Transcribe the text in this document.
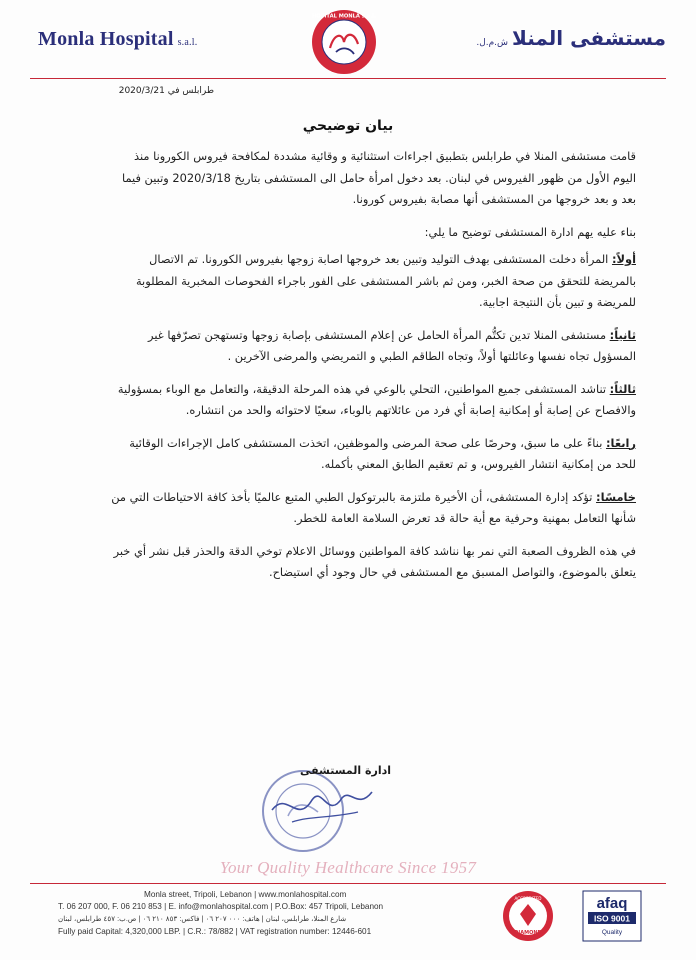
Monla Hospital s.a.l.
HOPITAL MONLA s.a.l.
مستشفى المنلاش.م.ل.
طرابلس في 2020/3/21
بيان توضيحي

قامت مستشفى المنلا في طرابلس بتطبيق اجراءات استثنائية و وقائية مشددة لمكافحة فيروس الكورونا منذ اليوم الأول من ظهور الفيروس في لبنان. بعد دخول امرأة حامل الى المستشفى بتاريخ 2020/3/18 وتبين فيما بعد و بعد خروجها من المستشفى أنها مصابة بفيروس كورونا.

بناء عليه يهم ادارة المستشفى توضيح ما يلي:

أولاً: المرأة دخلت المستشفى بهدف التوليد وتبين بعد خروجها اصابة زوجها بفيروس الكورونا. تم الاتصال بالمريضة للتحقق من صحة الخبر، ومن ثم باشر المستشفى على الفور باجراء الفحوصات المخبرية المطلوبة للمريضة و تبين بأن النتيجة اجابية.

ثانياً: مستشفى المنلا تدين تكتُّم المرأة الحامل عن إعلام المستشفى بإصابة زوجها وتستهجن تصرّفها غير المسؤول تجاه نفسها وعائلتها أولاً، وتجاه الطاقم الطبي و التمريضي والمرضى الآخرين .

ثالثاً: تناشد المستشفى جميع المواطنين، التحلي بالوعي في هذه المرحلة الدقيقة، والتعامل مع الوباء بمسؤولية والافصاح عن إصابة أو إمكانية إصابة أي فرد من عائلاتهم بالوباء، سعيًا لاحتوائه والحد من انتشاره.

رابعًا: بناءً على ما سبق، وحرصًا على صحة المرضى والموظفين، اتخذت المستشفى كامل الإجراءات الوقائية للحد من إمكانية انتشار الفيروس، و تم تعقيم الطابق المعني بأكمله.

خامسًا: تؤكد إدارة المستشفى، أن الأخيرة ملتزمة بالبرتوكول الطبي المتبع عالميًا بأخذ كافة الاحتياطات التي من شأنها التعامل بمهنية وحرفية مع أية حالة قد تعرض السلامة العامة للخطر.

في هذه الظروف الصعبة التي نمر بها نناشد كافة المواطنين ووسائل الاعلام توخي الدقة والحذر قبل نشر أي خبر يتعلق بالموضوع، والتواصل المسبق مع المستشفى في حال وجود أي استيضاح.

ادارة المستشفى
Your Quality Healthcare Since 1957
Monla street, Tripoli, Lebanon | www.monlahospital.com
T. 06 207 000, F. 06 210 853 | E. info@monlahospital.com | P.O.Box: 457 Tripoli, Lebanon
شارع المنلا، طرابلس، لبنان | هاتف: ٠٠٠ ٢٠٧ ٠٦ | فاكس: ٨٥٣ ٢١٠ ٠٦ | ص.ب: ٤٥٧ طرابلس، لبنان
Fully paid Capital: 4,320,000 LBP. | C.R.: 78/882 | VAT registration number: 12446-601
ACCREDITED
DIAMOND
afaq
ISO 9001
Quality
